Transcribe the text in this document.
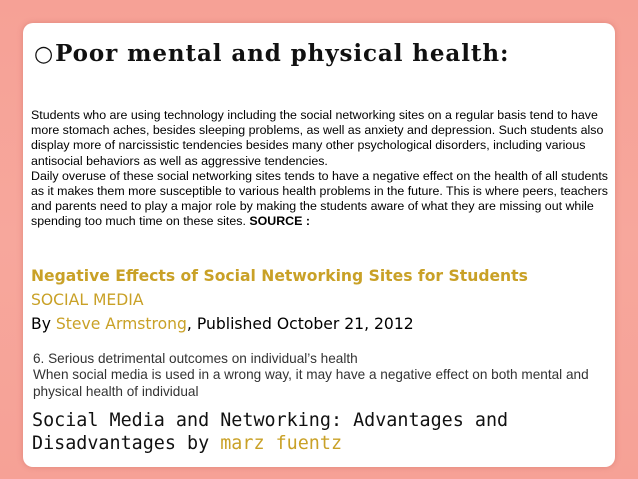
○Poor mental and physical health:

Students who are using technology including the social networking sites on a regular basis tend to have more stomach aches, besides sleeping problems, as well as anxiety and depression. Such students also display more of narcissistic tendencies besides many other psychological disorders, including various antisocial behaviors as well as aggressive tendencies.

Daily overuse of these social networking sites tends to have a negative effect on the health of all students as it makes them more susceptible to various health problems in the future. This is where peers, teachers and parents need to play a major role by making the students aware of what they are missing out while spending too much time on these sites. SOURCE :

Negative Effects of Social Networking Sites for Students
SOCIAL MEDIA
By Steve Armstrong, Published October 21, 2012

6. Serious detrimental outcomes on individual’s health

When social media is used in a wrong way, it may have a negative effect on both mental and physical health of individual

Social Media and Networking: Advantages and Disadvantages by marz fuentz
